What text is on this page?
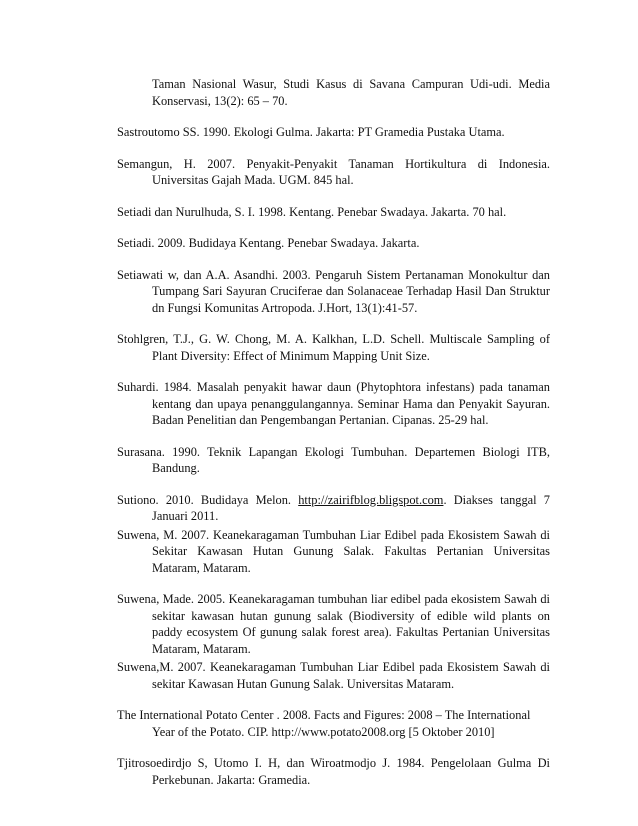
Taman Nasional Wasur, Studi Kasus di Savana Campuran Udi-udi. Media Konservasi, 13(2): 65 – 70.

Sastroutomo SS. 1990. Ekologi Gulma. Jakarta: PT Gramedia Pustaka Utama.

Semangun, H. 2007. Penyakit-Penyakit Tanaman Hortikultura di Indonesia. Universitas Gajah Mada. UGM. 845 hal.

Setiadi dan Nurulhuda, S. I. 1998. Kentang. Penebar Swadaya. Jakarta. 70 hal.

Setiadi. 2009. Budidaya Kentang. Penebar Swadaya. Jakarta.

Setiawati w, dan A.A. Asandhi. 2003. Pengaruh Sistem Pertanaman Monokultur dan Tumpang Sari Sayuran Cruciferae dan Solanaceae Terhadap Hasil Dan Struktur dn Fungsi Komunitas Artropoda. J.Hort, 13(1):41-57.

Stohlgren, T.J., G. W. Chong, M. A. Kalkhan, L.D. Schell. Multiscale Sampling of Plant Diversity: Effect of Minimum Mapping Unit Size.

Suhardi. 1984. Masalah penyakit hawar daun (Phytophtora infestans) pada tanaman kentang dan upaya penanggulangannya. Seminar Hama dan Penyakit Sayuran. Badan Penelitian dan Pengembangan Pertanian. Cipanas. 25-29 hal.

Surasana. 1990. Teknik Lapangan Ekologi Tumbuhan. Departemen Biologi ITB, Bandung.

Sutiono. 2010. Budidaya Melon. http://zairifblog.bligspot.com. Diakses tanggal 7 Januari 2011.

Suwena, M. 2007. Keanekaragaman Tumbuhan Liar Edibel pada Ekosistem Sawah di Sekitar Kawasan Hutan Gunung Salak. Fakultas Pertanian Universitas Mataram, Mataram.

Suwena, Made. 2005. Keanekaragaman tumbuhan liar edibel pada ekosistem Sawah di sekitar kawasan hutan gunung salak (Biodiversity of edible wild plants on paddy ecosystem Of gunung salak forest area). Fakultas Pertanian Universitas Mataram, Mataram.

Suwena,M. 2007. Keanekaragaman Tumbuhan Liar Edibel pada Ekosistem Sawah di sekitar Kawasan Hutan Gunung Salak. Universitas Mataram.

The International Potato Center . 2008. Facts and Figures: 2008 – The International Year of the Potato. CIP. http://www.potato2008.org [5 Oktober 2010]

Tjitrosoedirdjo S, Utomo I. H, dan Wiroatmodjo J. 1984. Pengelolaan Gulma Di Perkebunan. Jakarta: Gramedia.
